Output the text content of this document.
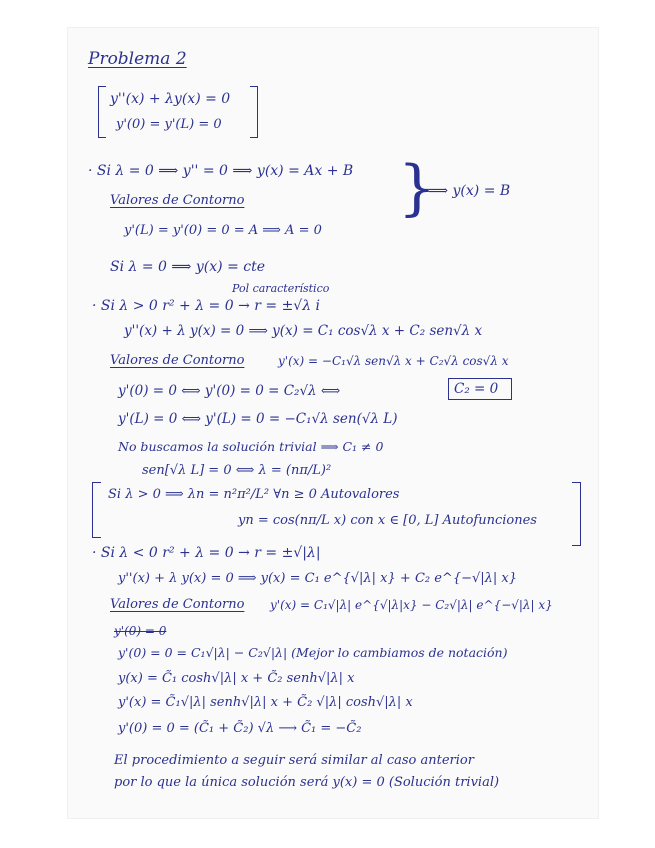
Problema 2
y''(x) + λy(x) = 0
y'(0) = y'(L) = 0
· Si λ = 0 ⟹ y'' = 0 ⟹ y(x) = Ax + B
Valores de Contorno
y'(L) = y'(0) = 0 = A ⟹ A = 0
}
⟹ y(x) = B
Si λ = 0 ⟹ y(x) = cte
Pol característico
· Si λ > 0 r² + λ = 0 → r = ±√λ i
y''(x) + λ y(x) = 0 ⟹ y(x) = C₁ cos√λ x + C₂ sen√λ x
Valores de Contorno	y'(x) = −C₁√λ sen√λ x + C₂√λ cos√λ x
y'(0) = 0 ⟺ y'(0) = 0 = C₂√λ ⟺	C₂ = 0
y'(L) = 0 ⟺ y'(L) = 0 = −C₁√λ sen(√λ L)
No buscamos la solución trivial ⟹ C₁ ≠ 0
sen[√λ L] = 0 ⟺ λ = (nπ/L)²
Si λ > 0 ⟹ λn = n²π²/L² ∀n ≥ 0 Autovalores
yn = cos(nπ/L x) con x ∈ [0, L] Autofunciones
· Si λ < 0 r² + λ = 0 → r = ±√|λ|
y''(x) + λ y(x) = 0 ⟹ y(x) = C₁ e^{√|λ| x} + C₂ e^{−√|λ| x}
Valores de Contorno y'(x) = C₁√|λ| e^{√|λ|x} − C₂√|λ| e^{−√|λ| x}
y'(0) = 0
y'(0) = 0 = C₁√|λ| − C₂√|λ| (Mejor lo cambiamos de notación)
y(x) = C̃₁ cosh√|λ| x + C̃₂ senh√|λ| x
y'(x) = C̃₁√|λ| senh√|λ| x + C̃₂ √|λ| cosh√|λ| x
y'(0) = 0 = (C̃₁ + C̃₂) √λ ⟶ C̃₁ = −C̃₂
El procedimiento a seguir será similar al caso anterior
por lo que la única solución será y(x) = 0 (Solución trivial)
